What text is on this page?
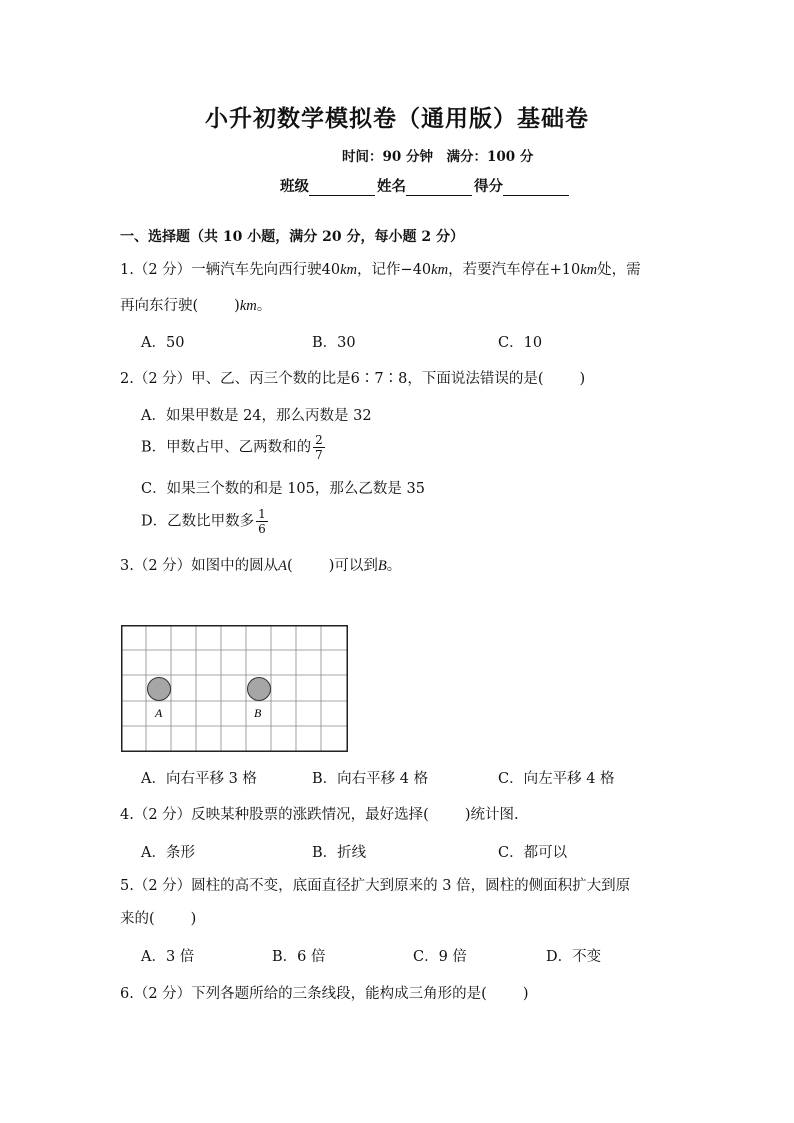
小升初数学模拟卷（通用版）基础卷
时间：90 分钟　满分：100 分
班级	姓名	得分
一、选择题（共 10 小题，满分 20 分，每小题 2 分）
1.（2 分）一辆汽车先向西行驶40km，记作−40km，若要汽车停在+10km处，需
再向东行驶( )km。
A．50	B．30	C．10
2.（2 分）甲、乙、丙三个数的比是6∶7∶8，下面说法错误的是( )
A．如果甲数是 24，那么丙数是 32
B．甲数占甲、乙两数和的 $\frac{2}{7}$
C．如果三个数的和是 105，那么乙数是 35
D．乙数比甲数多 $\frac{1}{6}$
3.（2 分）如图中的圆从A( )可以到B。
A	B
A．向右平移 3 格	B．向右平移 4 格	C．向左平移 4 格
4.（2 分）反映某种股票的涨跌情况，最好选择( )统计图.
A．条形	B．折线	C．都可以
5.（2 分）圆柱的高不变，底面直径扩大到原来的 3 倍，圆柱的侧面积扩大到原
来的( )
A．3 倍	B．6 倍	C．9 倍	D．不变
6.（2 分）下列各题所给的三条线段，能构成三角形的是( )
